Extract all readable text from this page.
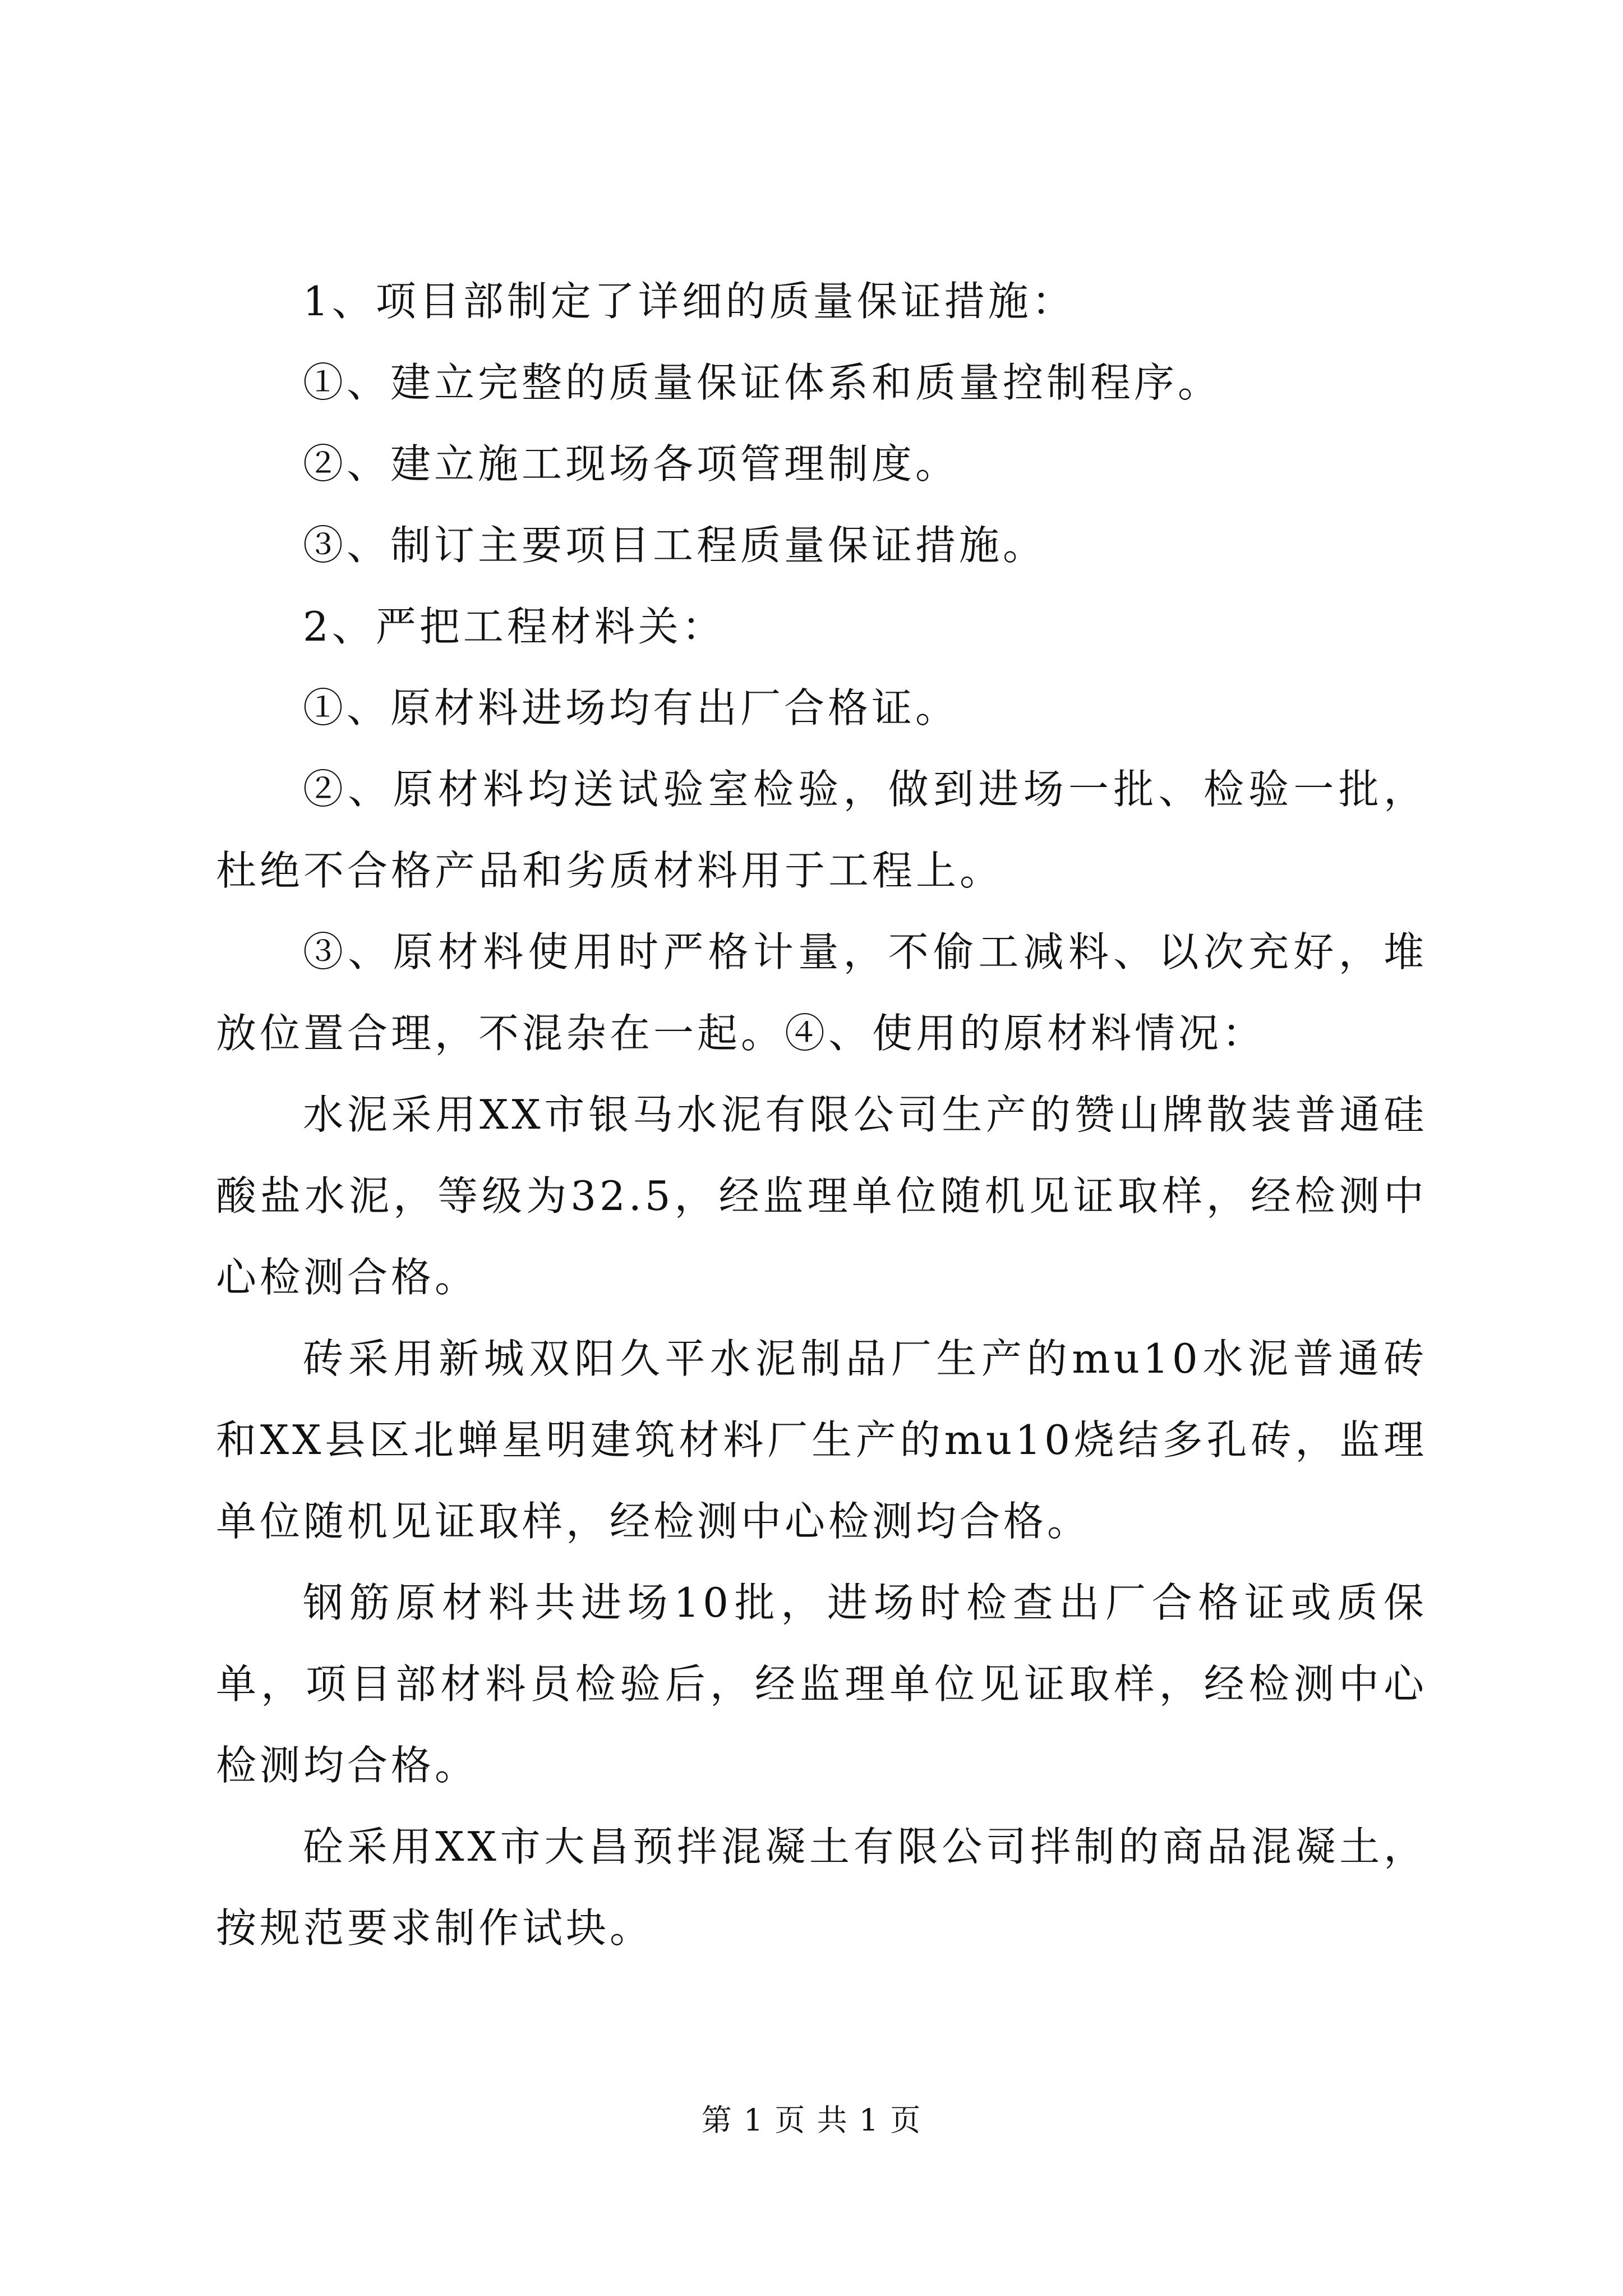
1、项目部制定了详细的质量保证措施：

①、建立完整的质量保证体系和质量控制程序。

②、建立施工现场各项管理制度。

③、制订主要项目工程质量保证措施。

2、严把工程材料关：

①、原材料进场均有出厂合格证。

②、原材料均送试验室检验，做到进场一批、检验一批，杜绝不合格产品和劣质材料用于工程上。

③、原材料使用时严格计量，不偷工减料、以次充好，堆放位置合理，不混杂在一起。④、使用的原材料情况：

水泥采用XX市银马水泥有限公司生产的赞山牌散装普通硅酸盐水泥，等级为32.5，经监理单位随机见证取样，经检测中心检测合格。

砖采用新城双阳久平水泥制品厂生产的mu10水泥普通砖和XX县区北蝉星明建筑材料厂生产的mu10烧结多孔砖，监理单位随机见证取样，经检测中心检测均合格。

钢筋原材料共进场10批，进场时检查出厂合格证或质保单，项目部材料员检验后，经监理单位见证取样，经检测中心检测均合格。

砼采用XX市大昌预拌混凝土有限公司拌制的商品混凝土，按规范要求制作试块。

第 1 页 共 1 页
